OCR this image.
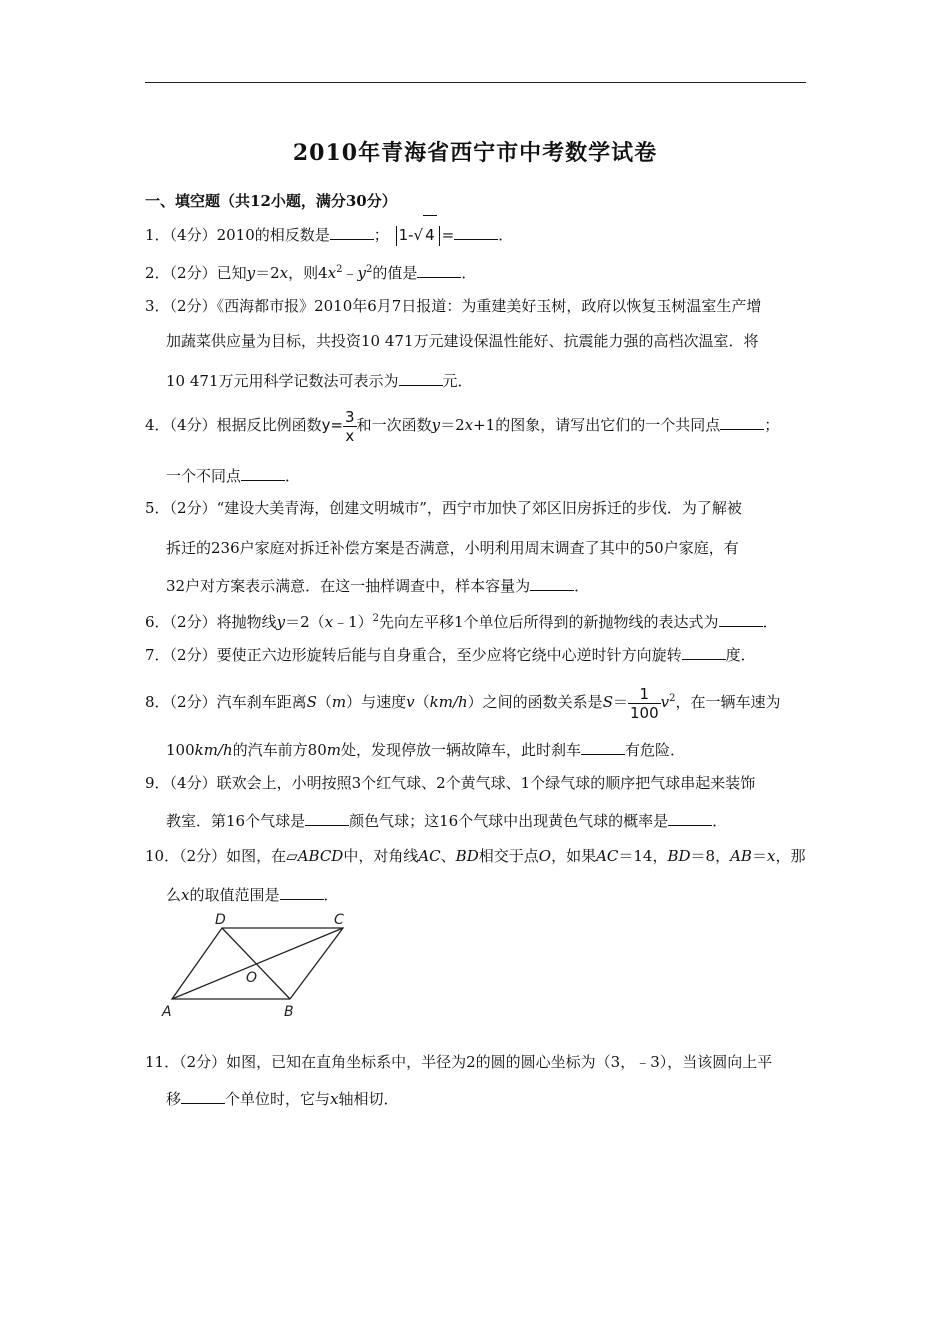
2010年青海省西宁市中考数学试卷
一、填空题（共12小题，满分30分）
1．（4分）2010的相反数是	； 1-√ 4 =	．
2．（2分）已知y＝2x，则$4x^2﹣y^2$的值是	．
3．（2分）《西海都市报》2010年6月7日报道：为重建美好玉树，政府以恢复玉树温室生产增
加蔬菜供应量为目标，共投资10 471万元建设保温性能好、抗震能力强的高档次温室．将
10 471万元用科学记数法可表示为	元．
4．（4分）根据反比例函数$y= \frac{3}{x}$ 和一次函数y＝2x+1的图象，请写出它们的一个共同点	；
一个不同点	．
5．（2分）“建设大美青海，创建文明城市”，西宁市加快了郊区旧房拆迁的步伐．为了解被
拆迁的236户家庭对拆迁补偿方案是否满意，小明利用周末调查了其中的50户家庭，有
32户对方案表示满意．在这一抽样调查中，样本容量为	．
6．（2分）将抛物线y＝2（x﹣1）$^2$先向左平移1个单位后所得到的新抛物线的表达式为	．
7．（2分）要使正六边形旋转后能与自身重合，至少应将它绕中心逆时针方向旋转	度．
8．（2分）汽车刹车距离S（m）与速度v（km/h）之间的函数关系是$S= \frac{1}{100} v^2$，在一辆车速为
100km/h的汽车前方80m处，发现停放一辆故障车，此时刹车	有危险．
9．（4分）联欢会上，小明按照3个红气球、2个黄气球、1个绿气球的顺序把气球串起来装饰
教室．第16个气球是	颜色气球；这16个气球中出现黄色气球的概率是	．
10．（2分）如图，在▱ABCD中，对角线AC、BD相交于点O，如果AC＝14，BD＝8，AB＝x，那
么x的取值范围是	．
A	B
C
D
O
11．（2分）如图，已知在直角坐标系中，半径为2的圆的圆心坐标为（3，﹣3），当该圆向上平
移	个单位时，它与x轴相切．
